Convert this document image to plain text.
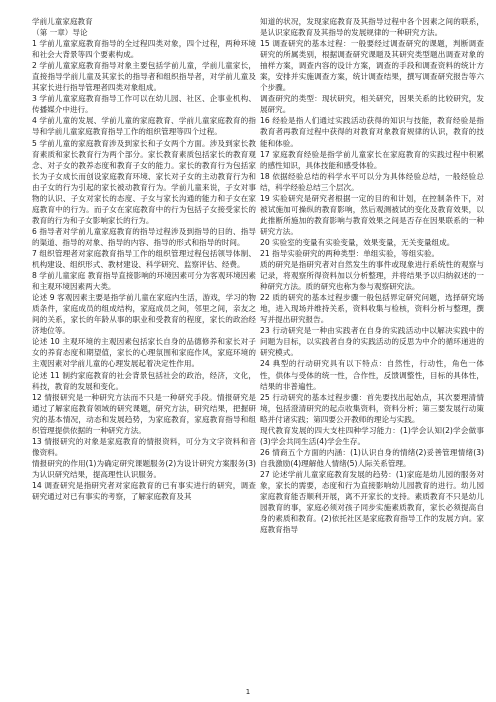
学前儿童家庭教育

（第 一章）导论

1 学前儿童家庭教育指导的全过程四类对象，四个过程，两种环境和社会大背景等四个要素构成。

2 学前儿童家庭教育指导对象主要包括学前儿童，学前儿童家长，直接指导学前儿童及其家长的指导者和组织指导者，对学前儿童及其家长进行指导管理者四类对象组成。

3 学前儿童家庭教育指导工作可以在幼儿园、社区、企事业机构、传播媒介中进行。

4 学前儿童的发展、学前儿童的家庭教育、学前儿童家庭教育的指导和学前儿童家庭教育指导工作的组织管理等四个过程。

5 学前儿童的家庭教育涉及到家长和子女两个方面。涉及到家长教育素质和家长教育行为两个部分。家长教育素质包括家长的教育观念、对子女的教养态度和教育子女的能力。家长的教育行为包括家长为子女成长而创设家庭教育环境、家长对子女的主动教育行为和由子女的行为引起的家长被动教育行为。学前儿童来说，子女对事物的认识、子女对家长的态度、子女与家长沟通的能力和子女在家庭教育中的行为。而子女在家庭教育中的行为包括子女接受家长的教育的行为和子女影响家长的行为。

6 指导者对学前儿童家庭教育的指导过程涉及到指导的目的、指导的渠道、指导的对象、指导的内容、指导的形式和指导的时间。

7 组织管理者对家庭教育指导工作的组织管理过程包括领导体制、机构建设、组织形式、教材建设、科学研究、监察评估、经费。

8 学前儿童家庭 教育指导直接影响的环境因素可分为客观环境因素和主观环境因素两大类。

论述 9 客观因素主要是指学前儿童在家庭内生活，游戏，学习的物质条件，家庭成员的组成结构，家庭成员之间，邻里之间，亲友之间的关系，家长的年龄从事的职业和受教育的程度，家长的政治经济地位等。

论述 10 主观环境的主观因素包括家长自身的品德修养和家长对子女的养育态度和期望值，家长的心理氛围和家庭作风，家庭环境的主观因素对学前儿童的心理发展起着决定性作用。

论述 11 制约家庭教育的社会背景包括社会的政治，经济，文化，科技，教育的发展和变化。

12 情报研究是一种研究方法而不只是一种研究手段。情报研究是通过了解家庭教育领域的研究课题，研究方法，研究结果，把握研究的基本情况，动态和发展趋势，为家庭教育，家庭教育指导和组织管理提供依据的一种研究方法。

13 情报研究的对象是家庭教育的情报资料，可分为文字资料和音像资料。

情报研究的作用(1)为确定研究课题服务(2)为设计研究方案服务(3)为认识研究结果，提高理性认识服务。

14 调查研究是指研究者对家庭教育的已有事实进行的研究，调查研究通过对已有事实的考察，了解家庭教育及其

知道的状况，发现家庭教育及其指导过程中各个因素之间的联系，是认识家庭教育及其指导的发展规律的一种研究方法。

15 调查研究的基本过程：一般要经过调查研究的课题，判断调查研究的所属类别，根据调查研究课题及其研究类型题出调查对象的抽样方案，调查内容的设计方案，调查的手段和调查资料的统计方案，安排并实施调查方案，统计调查结果，撰写调查研究报告等六个步骤。

调查研究的类型：现状研究，相关研究，因果关系的比较研究，发展研究。

16 经验是指人们通过实践活动获得的知识与技能，教育经验是指教育者再教育过程中获得的对教育对象教育规律的认识，教育的技能和体验。

17 家庭教育经验是指学前儿童家长在家庭教育的实践过程中积累的感性知识，具体技能和感受体验。

18 依据经验总结的科学水平可以分为具体经验总结，一般经验总结，科学经验总结三个层次。

19 实验研究是研究者根据一定的目的和计划，在控制条件下，对被试施加可操纵的教育影响，然后观测被试的变化及教育效果，以此推断所施加的教育影响与教育效果之间是否存在因果联系的一种研究方法。

20 实验室的变量有实验变量，效果变量，无关变量组成。

21 指导实验研究的两种类型：单组实验，等组实验。

质的研究是指研究者对自然发生的事件或现象进行系统性的观察与记录，将观察所得资料加以分析整理，并将结果予以归纳叙述的一种研究方法。质的研究也称为参与观察研究法。

22 质的研究的基本过程步骤一般包括界定研究问题，选择研究场地，进入现场并维持关系，资料收集与检核，资料分析与整理，撰写并提出研究报告。

23 行动研究是一种由实践者在自身的实践活动中以解决实践中的问题为目标，以实践者自身的实践活动的反思为中介的循环递进的研究模式。

24 典型的行动研究具有以下特点：自然性，行动性，角色一体性，供体与受体的统一性，合作性，反馈调整性，目标的具体性，结果的非普遍性。

25 行动研究的基本过程步骤：首先要找出起始点，其次要理清情境，包括澄清研究的起点收集资料，资料分析；第三要发展行动策略并付诸实践；第四要公开教师的理论与实践。

现代教育发展的四大支柱四种学习能力：(1)学会认知(2)学会做事(3)学会共同生活(4)学会生存。

26 情商五个方面的内涵：(1)认识自身的情绪(2)妥善管理情绪(3)自我激励(4)理解他人情绪(5)人际关系管理。

27 论述学前儿童家庭教育发展的趋势：(1)家庭是幼儿园的服务对象，家长的需要，态度和行为直接影响幼儿园教育的进行。幼儿园家庭教育能否顺利开展，离不开家长的支持。素质教育不只是幼儿园教育的事，家庭必须对孩子同步实施素质教育，家长必须提高自身的素质和教育。(2)依托社区是家庭教育指导工作的发展方向。家庭教育指导

1
